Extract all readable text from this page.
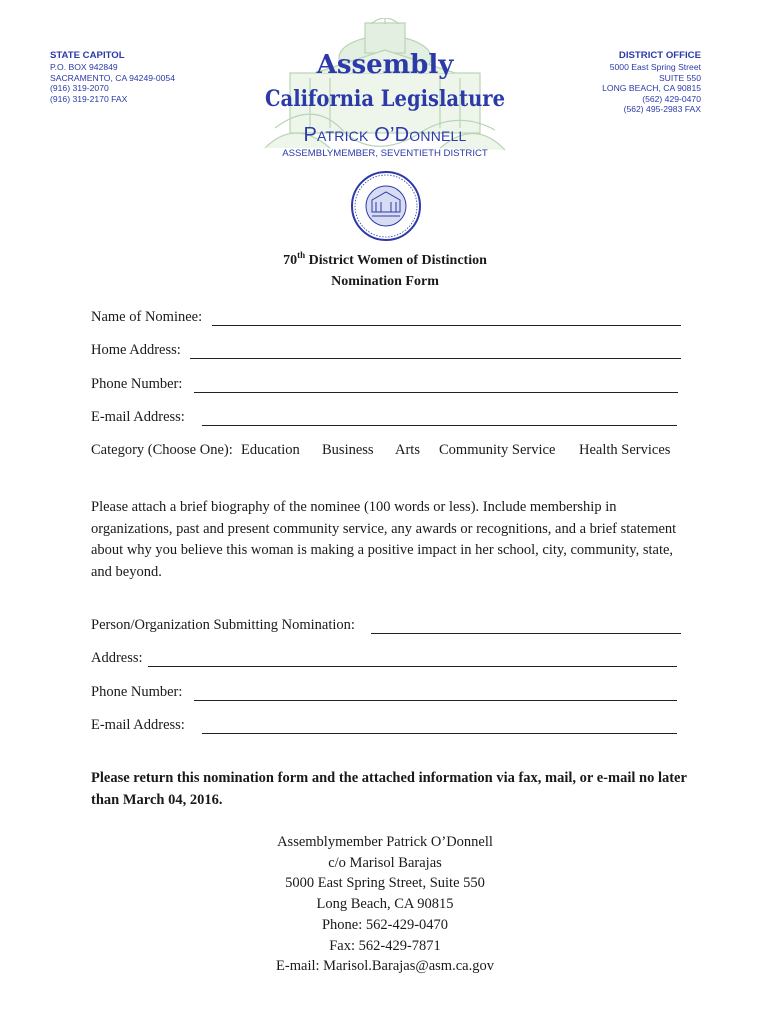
STATE CAPITOL
P.O. BOX 942849
SACRAMENTO, CA 94249-0054
(916) 319-2070
(916) 319-2170 FAX
DISTRICT OFFICE
5000 East Spring Street
SUITE 550
LONG BEACH, CA 90815
(562) 429-0470
(562) 495-2983 FAX
Assembly
California Legislature
Patrick O’Donnell
ASSEMBLYMEMBER, SEVENTIETH DISTRICT
70th District Women of Distinction
Nomination Form
Name of Nominee:
Home Address:
Phone Number:
E-mail Address:
Category (Choose One): Education Business Arts Community Service Health Services
Please attach a brief biography of the nominee (100 words or less). Include membership in organizations, past and present community service, any awards or recognitions, and a brief statement about why you believe this woman is making a positive impact in her school, city, community, state, and beyond.
Person/Organization Submitting Nomination:
Address:
Phone Number:
E-mail Address:
Please return this nomination form and the attached information via fax, mail, or e-mail no later than March 04, 2016.
Assemblymember Patrick O’Donnell
c/o Marisol Barajas
5000 East Spring Street, Suite 550
Long Beach, CA 90815
Phone: 562-429-0470
Fax: 562-429-7871
E-mail: Marisol.Barajas@asm.ca.gov
